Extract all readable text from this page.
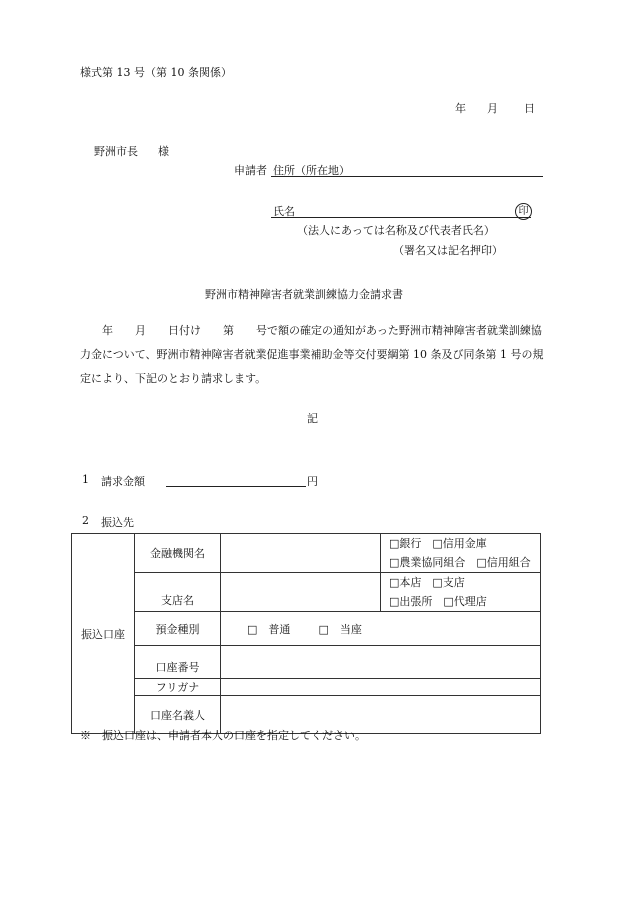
様式第 13 号（第 10 条関係）
年 月 日
野洲市長 様
申請者 住所（所在地）
氏名	印
（法人にあっては名称及び代表者氏名）
（署名又は記名押印）
野洲市精神障害者就業訓練協力金請求書
　　年　　月　　日付け　　第　　号で額の確定の通知があった野洲市精神障害者就業訓練協力金について、野洲市精神障害者就業促進事業補助金等交付要綱第 10 条及び同条第 1 号の規定により、下記のとおり請求します。
記
1 請求金額	円
2 振込先
振込口座	金融機関名		□銀行　□信用金庫
□農業協同組合　□信用組合

	支店名		□本店　□支店
□出張所　□代理店

	預金種別	□　普通 □　当座	
	口座番号		
	フリガナ		
	口座名義人		
※　振込口座は、申請者本人の口座を指定してください。
